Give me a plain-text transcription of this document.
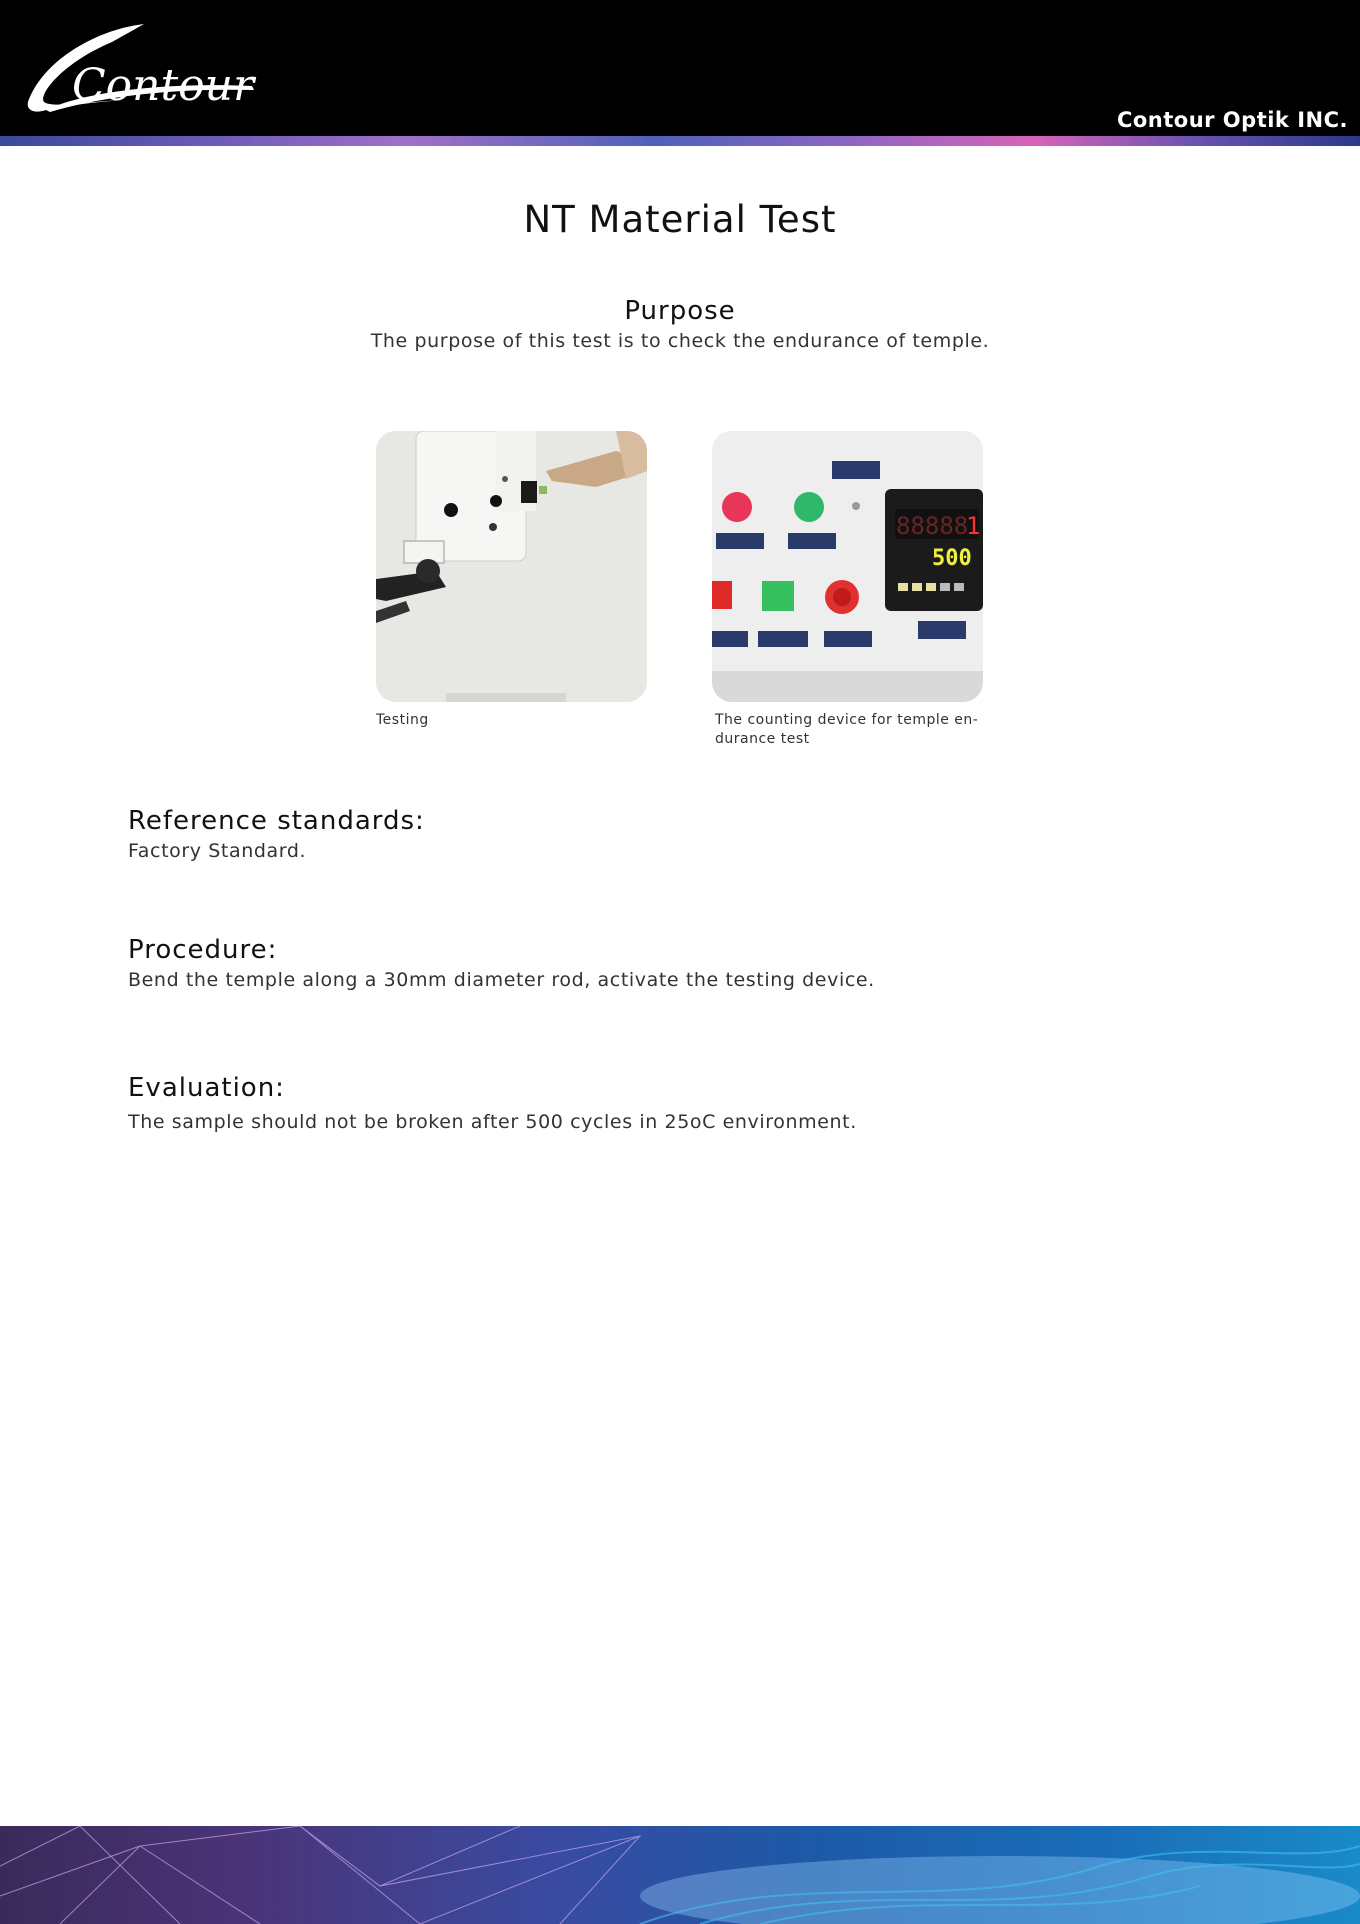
Contour
Contour Optik INC.
NT Material Test
Purpose
The purpose of this test is to check the endurance of temple.
88888
1
500
Testing	The counting device for temple en-
durance test
Reference standards:
Factory Standard.
Procedure:
Bend the temple along a 30mm diameter rod, activate the testing device.
Evaluation:
The sample should not be broken after 500 cycles in 25oC environment.
